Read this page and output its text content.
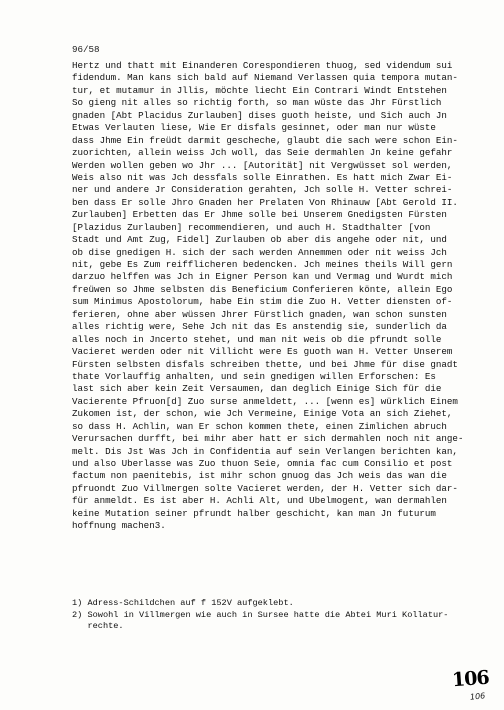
96/58
Hertz und thatt mit Einanderen Corespondieren thuog, sed videndum sui
fidendum. Man kans sich bald auf Niemand Verlassen quia tempora mutan-
tur, et mutamur in Jllis, möchte liecht Ein Contrari Windt Entstehen
So gieng nit alles so richtig forth, so man wüste das Jhr Fürstlich
gnaden [Abt Placidus Zurlauben] dises guoth heiste, und Sich auch Jn
Etwas Verlauten liese, Wie Er disfals gesinnet, oder man nur wüste
dass Jhme Ein freüdt darmit gescheche, glaubt die sach were schon Ein-
zuorichten, allein weiss Jch woll, das Seie dermahlen Jn keine gefahr
Werden wollen geben wo Jhr ... [Autorität] nit Vergwüsset sol werden,
Weis also nit was Jch dessfals solle Einrathen. Es hatt mich Zwar Ei-
ner und andere Jr Consideration gerahten, Jch solle H. Vetter schrei-
ben dass Er solle Jhro Gnaden her Prelaten Von Rhinauw [Abt Gerold II.
Zurlauben] Erbetten das Er Jhme solle bei Unserem Gnedigsten Fürsten
[Plazidus Zurlauben] recommendieren, und auch H. Stadthalter [von
Stadt und Amt Zug, Fidel] Zurlauben ob aber dis angehe oder nit, und
ob dise gnedigen H. sich der sach werden Annemmen oder nit weiss Jch
nit, gebe Es Zum reifflicheren bedencken. Jch meines theils Will gern
darzuo helffen was Jch in Eigner Person kan und Vermag und Wurdt mich
freüwen so Jhme selbsten dis Beneficium Conferieren könte, allein Ego
sum Minimus Apostolorum, habe Ein stim die Zuo H. Vetter diensten of-
ferieren, ohne aber wüssen Jhrer Fürstlich gnaden, wan schon sunsten
alles richtig were, Sehe Jch nit das Es anstendig sie, sunderlich da
alles noch in Jncerto stehet, und man nit weis ob die pfrundt solle
Vacieret werden oder nit Villicht were Es guoth wan H. Vetter Unserem
Fürsten selbsten disfals schreiben thette, und bei Jhme für dise gnadt
thate Vorlauffig anhalten, und sein gnedigen willen Erforschen: Es
last sich aber kein Zeit Versaumen, dan deglich Einige Sich für die
Vacierente Pfruon[d] Zuo surse anmeldett, ... [wenn es] würklich Einem
Zukomen ist, der schon, wie Jch Vermeine, Einige Vota an sich Ziehet,
so dass H. Achlin, wan Er schon kommen thete, einen Zimlichen abruch
Verursachen durfft, bei mihr aber hatt er sich dermahlen noch nit ange-
melt. Dis Jst Was Jch in Confidentia auf sein Verlangen berichten kan,
und also Uberlasse was Zuo thuon Seie, omnia fac cum Consilio et post
factum non paenitebis, ist mihr schon gnuog das Jch weis das wan die
pfruondt Zuo Villmergen solte Vacieret werden, der H. Vetter sich dar-
für anmeldt. Es ist aber H. Achli Alt, und Ubelmogent, wan dermahlen
keine Mutation seiner pfrundt halber geschicht, kan man Jn futurum
hoffnung machen3.
1) Adress-Schildchen auf f 152V aufgeklebt.
2) Sowohl in Villmergen wie auch in Sursee hatte die Abtei Muri Kollatur-
rechte.
106
106
